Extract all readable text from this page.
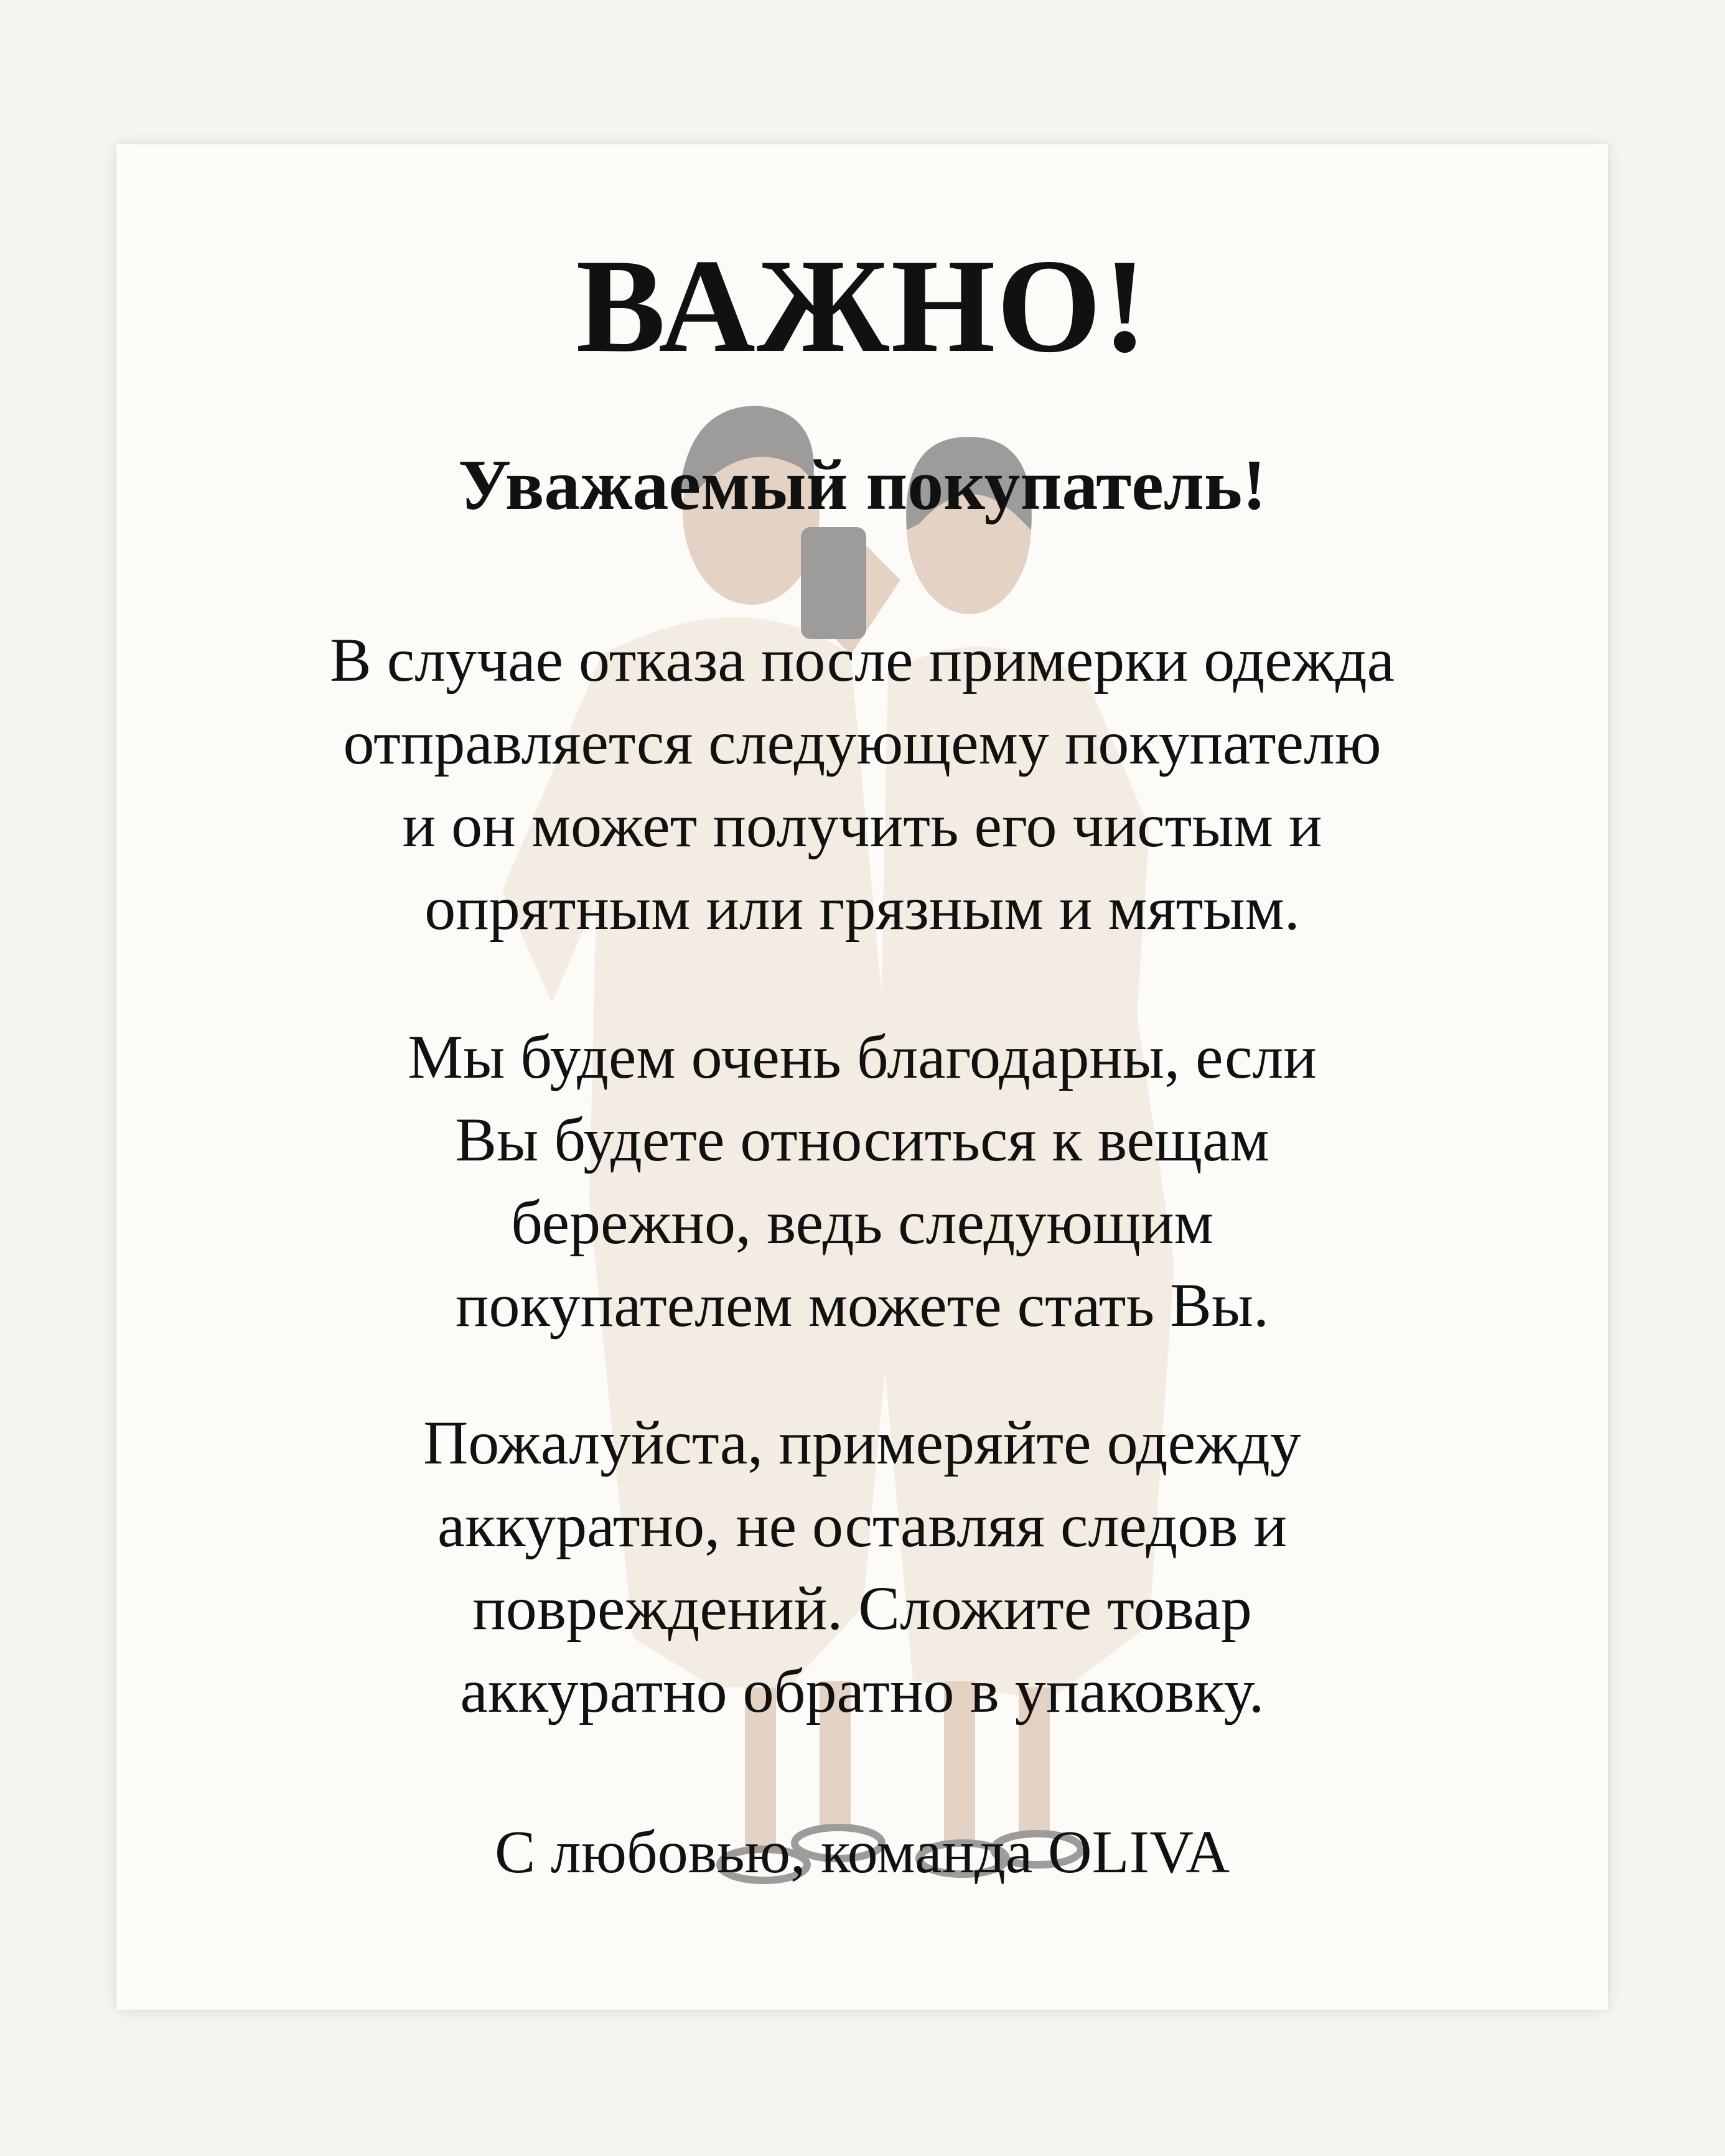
ВАЖНО!
Уважаемый покупатель!
В случае отказа после примерки одежда
отправляется следующему покупателю
и он может получить его чистым и
опрятным или грязным и мятым.
Мы будем очень благодарны, если
Вы будете относиться к вещам
бережно, ведь следующим
покупателем можете стать Вы.
Пожалуйста, примеряйте одежду
аккуратно, не оставляя следов и
повреждений. Сложите товар
аккуратно обратно в упаковку.
С любовью, команда OLIVA
